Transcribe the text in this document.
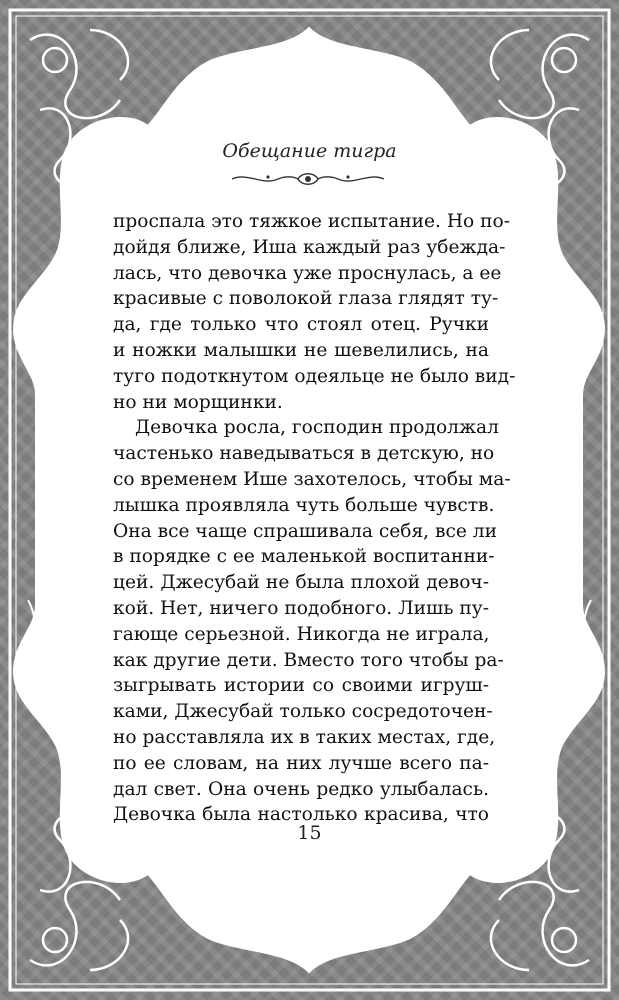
Обещание тигра
проспала это тяжкое испытание. Но по-
дойдя ближе, Иша каждый раз убежда-
лась, что девочка уже проснулась, а ее
красивые с поволокой глаза глядят ту-
да, где только что стоял отец. Ручки
и ножки малышки не шевелились, на
туго подоткнутом одеяльце не было вид-
но ни морщинки.
Девочка росла, господин продолжал
частенько наведываться в детскую, но
со временем Ише захотелось, чтобы ма-
лышка проявляла чуть больше чувств.
Она все чаще спрашивала себя, все ли
в порядке с ее маленькой воспитанни-
цей. Джесубай не была плохой девоч-
кой. Нет, ничего подобного. Лишь пу-
гающе серьезной. Никогда не играла,
как другие дети. Вместо того чтобы ра-
зыгрывать истории со своими игруш-
ками, Джесубай только сосредоточен-
но расставляла их в таких местах, где,
по ее словам, на них лучше всего па-
дал свет. Она очень редко улыбалась.
Девочка была настолько красива, что
15
